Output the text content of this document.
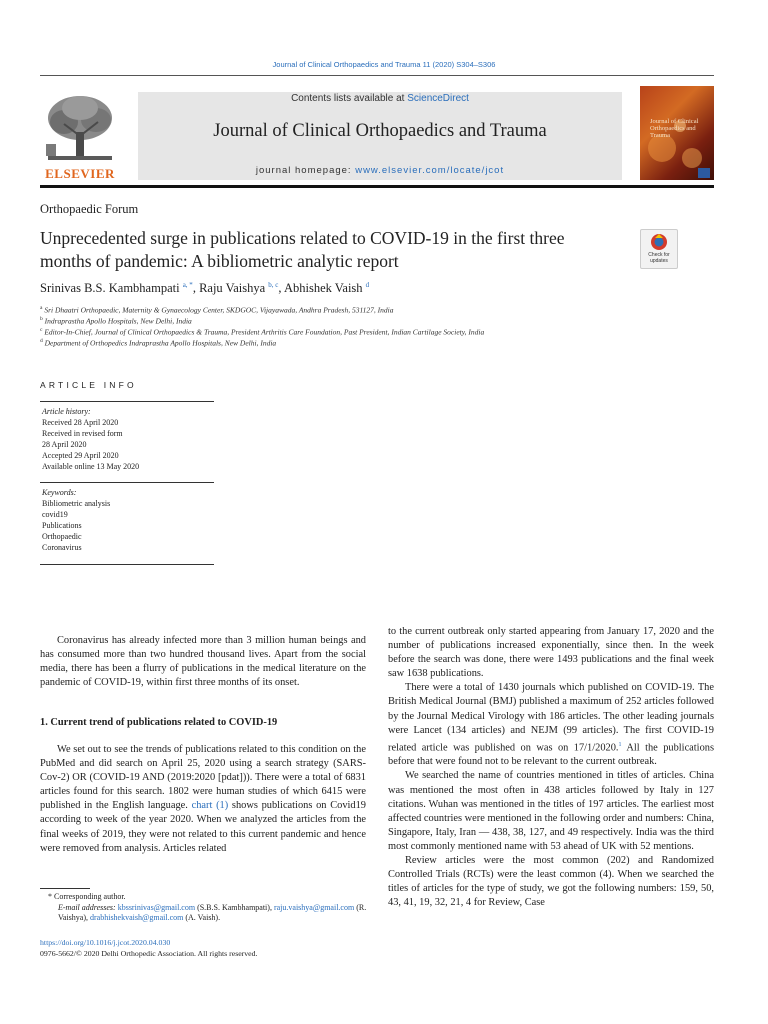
Journal of Clinical Orthopaedics and Trauma 11 (2020) S304–S306
ELSEVIER
Contents lists available at ScienceDirect
Journal of Clinical Orthopaedics and Trauma
journal homepage: www.elsevier.com/locate/jcot
Journal of Clinical Orthopaedics and Trauma
Orthopaedic Forum
Unprecedented surge in publications related to COVID-19 in the first three months of pandemic: A bibliometric analytic report	Check for updates
Srinivas B.S. Kambhampati $^{a, *}$, Raju Vaishya $^{b, c}$, Abhishek Vaish $^d$
$^a$ Sri Dhaatri Orthopaedic, Maternity & Gynaecology Center, SKDGOC, Vijayawada, Andhra Pradesh, 531127, India
$^b$ Indraprastha Apollo Hospitals, New Delhi, India
$^c$ Editor-In-Chief, Journal of Clinical Orthopaedics & Trauma, President Arthritis Care Foundation, Past President, Indian Cartilage Society, India
$^d$ Department of Orthopedics Indraprastha Apollo Hospitals, New Delhi, India
ARTICLE INFO
Article history:
Received 28 April 2020
Received in revised form
28 April 2020
Accepted 29 April 2020
Available online 13 May 2020
Keywords:
Bibliometric analysis
covid19
Publications
Orthopaedic
Coronavirus

Coronavirus has already infected more than 3 million human beings and has consumed more than two hundred thousand lives. Apart from the social media, there has been a flurry of publications in the medical literature on the pandemic of COVID-19, within first three months of its onset.

1. Current trend of publications related to COVID-19

We set out to see the trends of publications related to this condition on the PubMed and did search on April 25, 2020 using a search strategy (SARS-Cov-2) OR (COVID-19 AND (2019:2020 [pdat])). There were a total of 6831 articles found for this search. 1802 were human studies of which 6415 were published in the English language. chart (1) shows publications on Covid19 according to week of the year 2020. When we analyzed the articles from the final weeks of 2019, they were not related to this current pandemic and hence were removed from analysis. Articles related

to the current outbreak only started appearing from January 17, 2020 and the number of publications increased exponentially, since then. In the week before the search was done, there were 1493 publications and the final week saw 1638 publications.

There were a total of 1430 journals which published on COVID-19. The British Medical Journal (BMJ) published a maximum of 252 articles followed by the Journal Medical Virology with 186 articles. The other leading journals were Lancet (134 articles) and NEJM (99 articles). The first COVID-19 related article was published on was on 17/1/2020.$^1$ All the publications before that were found not to be relevant to the current outbreak.

We searched the name of countries mentioned in titles of articles. China was mentioned the most often in 438 articles followed by Italy in 127 citations. Wuhan was mentioned in the titles of 197 articles. The earliest most affected countries were mentioned in the following order and numbers: China, Singapore, Italy, Iran — 438, 38, 127, and 49 respectively. India was the third most commonly mentioned name with 53 ahead of UK with 52 mentions.

Review articles were the most common (202) and Randomized Controlled Trials (RCTs) were the least common (4). When we searched the titles of articles for the type of study, we got the following numbers: 159, 50, 43, 41, 19, 32, 21, 4 for Review, Case

* Corresponding author.
E-mail addresses: kbssrinivas@gmail.com (S.B.S. Kambhampati), raju.vaishya@gmail.com (R. Vaishya), drabhishekvaish@gmail.com (A. Vaish).
https://doi.org/10.1016/j.jcot.2020.04.030
0976-5662/© 2020 Delhi Orthopedic Association. All rights reserved.
